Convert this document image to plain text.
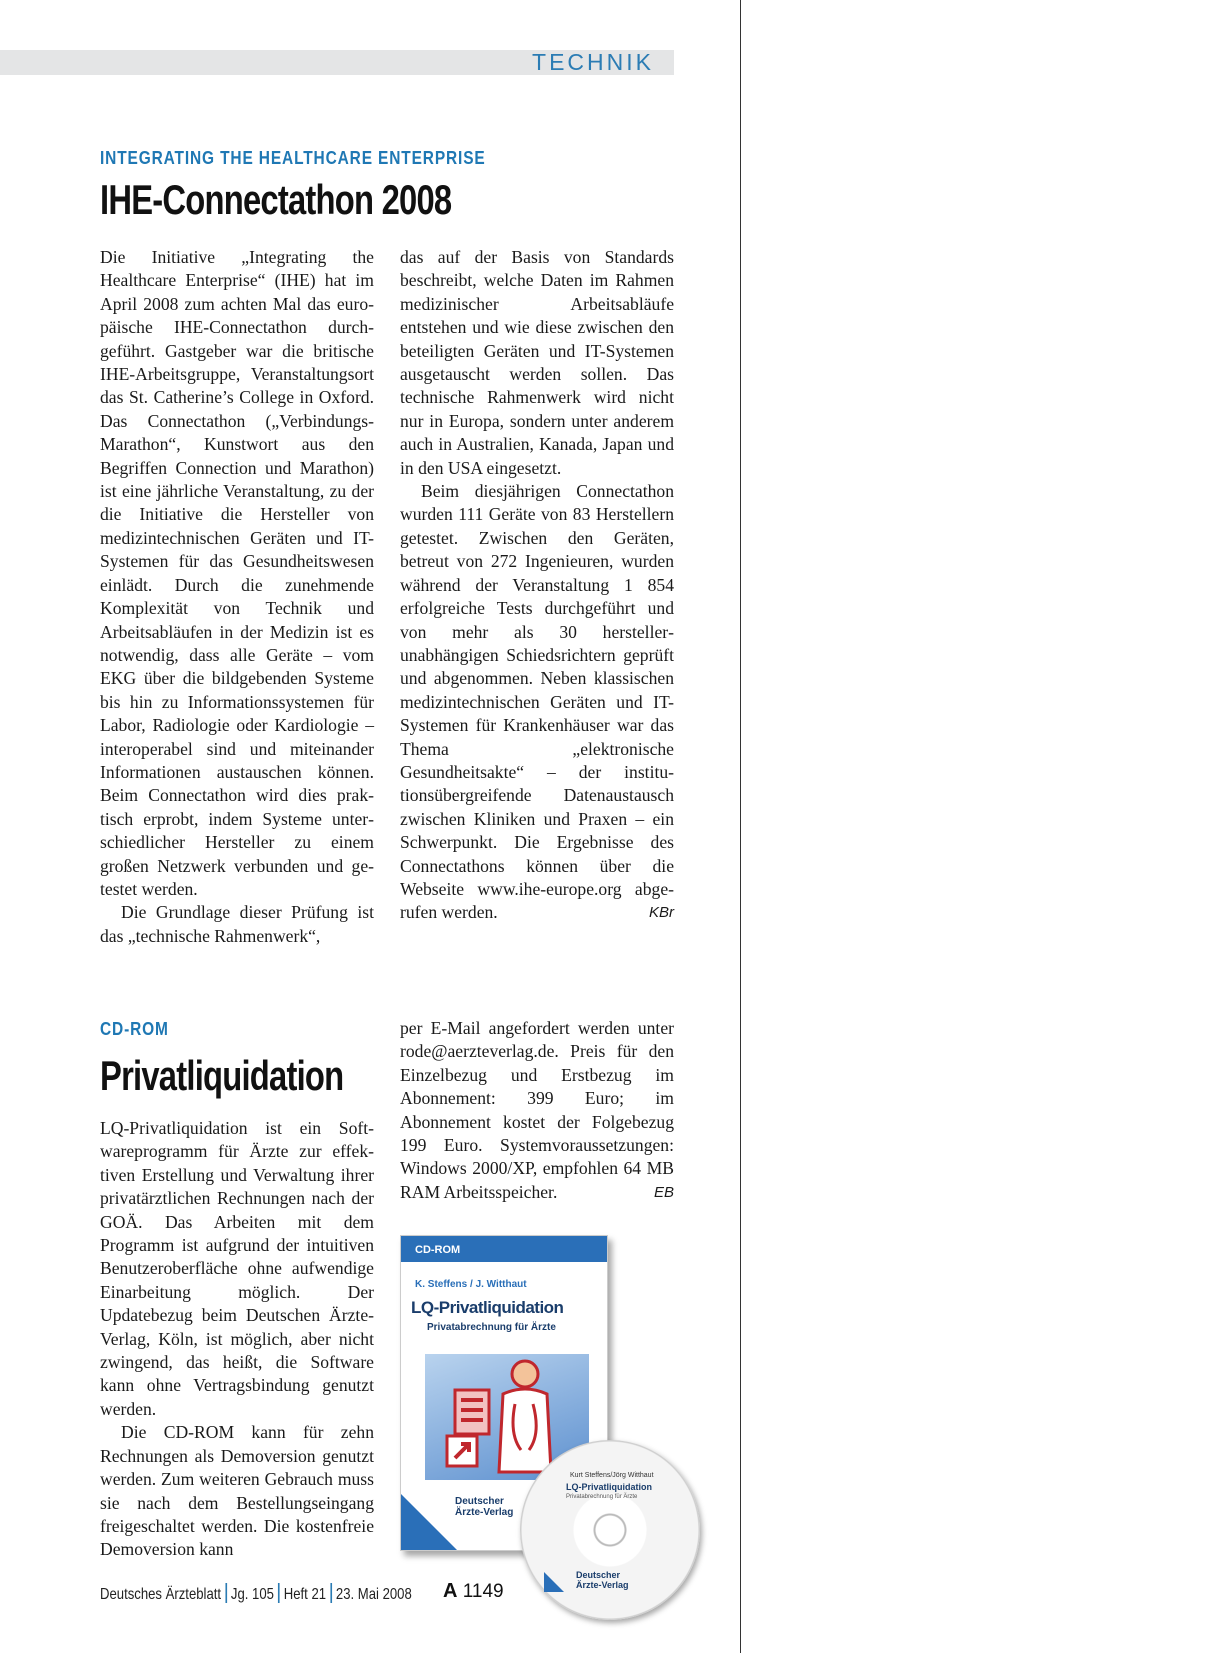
TECHNIK

INTEGRATING THE HEALTHCARE ENTERPRISE

IHE-Connectathon 2008

Die Initiative „Integrating the Healthcare Enterprise“ (IHE) hat im April 2008 zum achten Mal das europäische IHE-Connectathon durchgeführt. Gastgeber war die britische IHE-Arbeitsgruppe, Veranstaltungsort das St. Catherine’s College in Oxford. Das Connectathon („Verbindungs-Marathon“, Kunstwort aus den Begriffen Connection und Marathon) ist eine jährliche Veranstaltung, zu der die Initiative die Hersteller von medizintechnischen Geräten und IT-Systemen für das Gesundheitswesen einlädt. Durch die zunehmende Komplexität von Technik und Arbeitsabläufen in der Medizin ist es notwendig, dass alle Geräte – vom EKG über die bildgebenden Systeme bis hin zu Informationssystemen für Labor, Radiologie oder Kardiologie – interoperabel sind und miteinander Informationen austauschen können. Beim Connectathon wird dies praktisch erprobt, indem Systeme unterschiedlicher Hersteller zu einem großen Netzwerk verbunden und getestet werden.

Die Grundlage dieser Prüfung ist das „technische Rahmenwerk“,

das auf der Basis von Standards beschreibt, welche Daten im Rahmen medizinischer Arbeitsabläufe entstehen und wie diese zwischen den beteiligten Geräten und IT-Systemen ausgetauscht werden sollen. Das technische Rahmenwerk wird nicht nur in Europa, sondern unter anderem auch in Australien, Kanada, Japan und in den USA eingesetzt.

Beim diesjährigen Connectathon wurden 111 Geräte von 83 Herstellern getestet. Zwischen den Geräten, betreut von 272 Ingenieuren, wurden während der Veranstaltung 1 854 erfolgreiche Tests durchgeführt und von mehr als 30 herstellerunabhängigen Schiedsrichtern geprüft und abgenommen. Neben klassischen medizintechnischen Geräten und IT-Systemen für Krankenhäuser war das Thema „elektronische Gesundheitsakte“ – der institutionsübergreifende Datenaustausch zwischen Kliniken und Praxen – ein Schwerpunkt. Die Ergebnisse des Connectathons können über die Webseite www.ihe-europe.org abgerufen werden.	KBr

CD-ROM

Privatliquidation

LQ-Privatliquidation ist ein Softwareprogramm für Ärzte zur effektiven Erstellung und Verwaltung ihrer privatärztlichen Rechnungen nach der GOÄ. Das Arbeiten mit dem Programm ist aufgrund der intuitiven Benutzeroberfläche ohne aufwendige Einarbeitung möglich. Der Updatebezug beim Deutschen Ärzte-Verlag, Köln, ist möglich, aber nicht zwingend, das heißt, die Software kann ohne Vertragsbindung genutzt werden.

Die CD-ROM kann für zehn Rechnungen als Demoversion genutzt werden. Zum weiteren Gebrauch muss sie nach dem Bestellungseingang freigeschaltet werden. Die kostenfreie Demoversion kann

per E-Mail angefordert werden unter rode@aerzteverlag.de. Preis für den Einzelbezug und Erstbezug im Abonnement: 399 Euro; im Abonnement kostet der Folgebezug 199 Euro. Systemvoraussetzungen: Windows 2000/XP, empfohlen 64 MB RAM Arbeitsspeicher.	EB

CD-ROM
K. Steffens / J. Witthaut
LQ-Privatliquidation
Privatabrechnung für Ärzte
Deutscher
Ärzte-Verlag
Kurt Steffens/Jörg Witthaut
LQ-Privatliquidation
Privatabrechnung für Ärzte
Deutscher
Ärzte-Verlag

Deutsches Ärzteblatt Jg. 105 Heft 21 23. Mai 2008 A 1149
